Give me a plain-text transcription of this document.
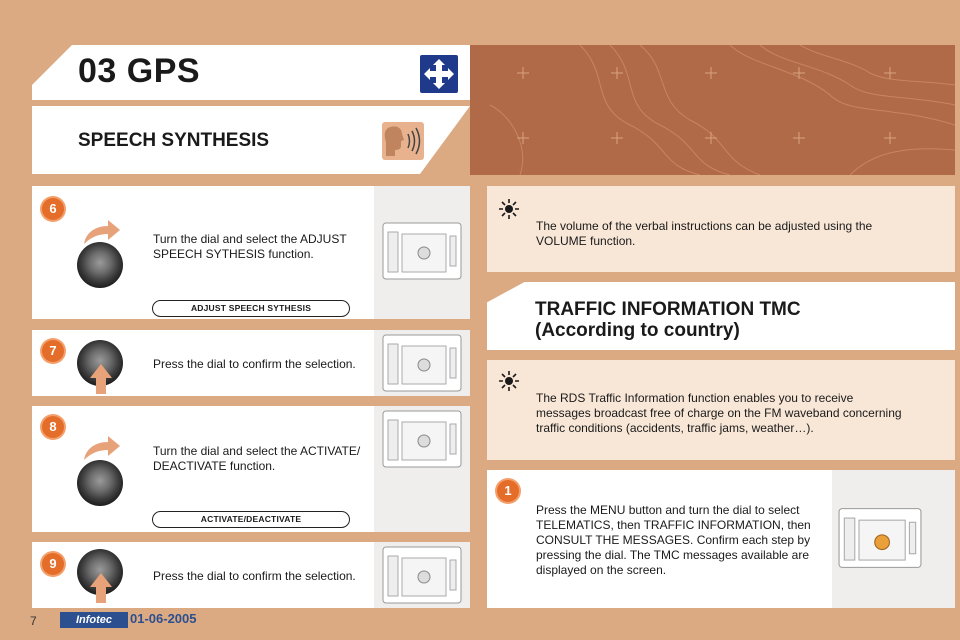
03 GPS
SPEECH SYNTHESIS
6
Turn the dial and select the ADJUST SPEECH SYTHESIS function.
ADJUST SPEECH SYTHESIS
7
Press the dial to confirm the selection.
8
Turn the dial and select the ACTIVATE/ DEACTIVATE function.
ACTIVATE/DEACTIVATE
9
Press the dial to confirm the selection.
The volume of the verbal instructions can be adjusted using the VOLUME function.
TRAFFIC INFORMATION TMC
(According to country)
The RDS Traffic Information function enables you to receive messages broadcast free of charge on the FM waveband concerning traffic conditions (accidents, traffic jams, weather…).
1
Press the MENU button and turn the dial to select TELEMATICS, then TRAFFIC INFORMATION, then CONSULT THE MESSAGES. Confirm each step by pressing the dial. The TMC messages available are displayed on the screen.
7	Infotec	01-06-2005
